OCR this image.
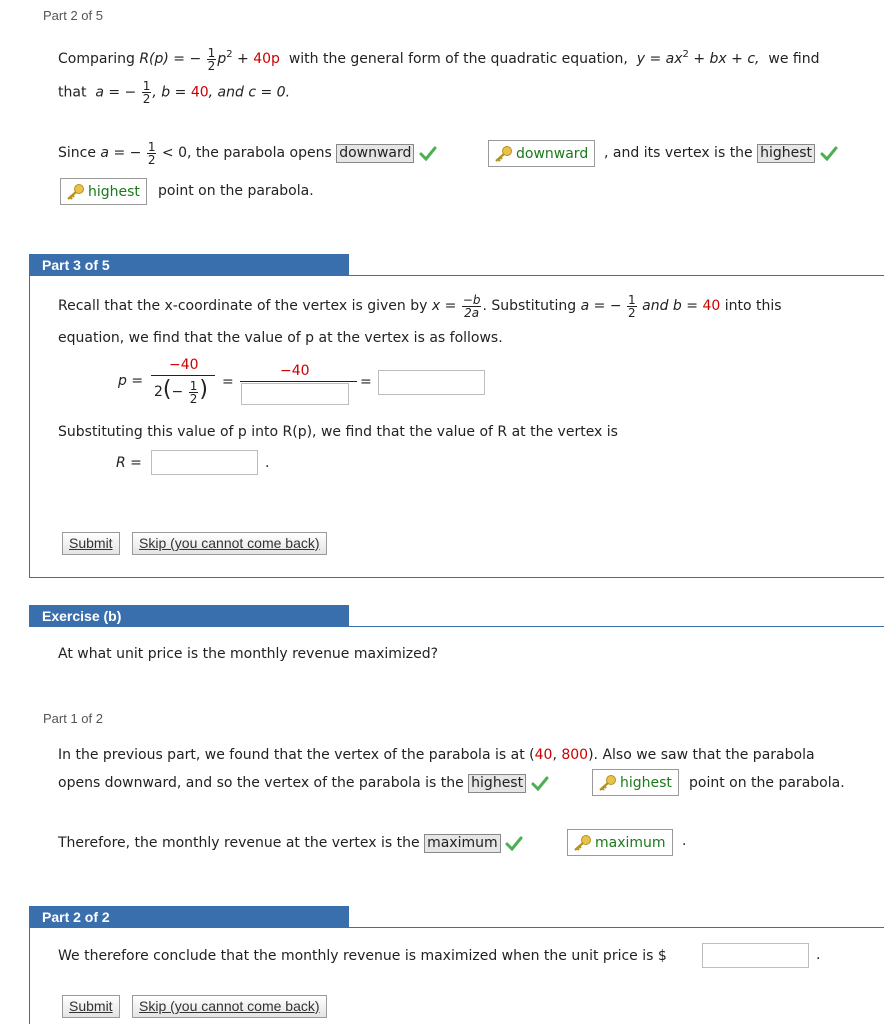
Part 2 of 5
Comparing R(p) = − $\frac{1}{2} p^2 + 40p$ with the general form of the quadratic equation, $y = ax^2$ + bx + c, we find
that a = − $\frac{1}{2}$ , b = 40, and c = 0.
Since a = − $\frac{1}{2} < 0$, the parabola opens downward	downward , and its vertex is the highest
highest point on the parabola.
Part 3 of 5
Recall that the x-coordinate of the vertex is given by $x = \frac{-b}{2a}$ . Substituting a = − $\frac{1}{2}$ and b = 40 into this
equation, we find that the value of p at the vertex is as follows.
p =
−40
$2(- \frac{1}{2}$ ) =
−40
=
Substituting this value of p into R(p), we find that the value of R at the vertex is
R =	.
Submit	Skip (you cannot come back)
Exercise (b)
At what unit price is the monthly revenue maximized?
Part 1 of 2
In the previous part, we found that the vertex of the parabola is at (40, 800). Also we saw that the parabola
opens downward, and so the vertex of the parabola is the highest	highest point on the parabola.
Therefore, the monthly revenue at the vertex is the maximum	maximum .
Part 2 of 2
We therefore conclude that the monthly revenue is maximized when the unit price is $	.
Submit	Skip (you cannot come back)
